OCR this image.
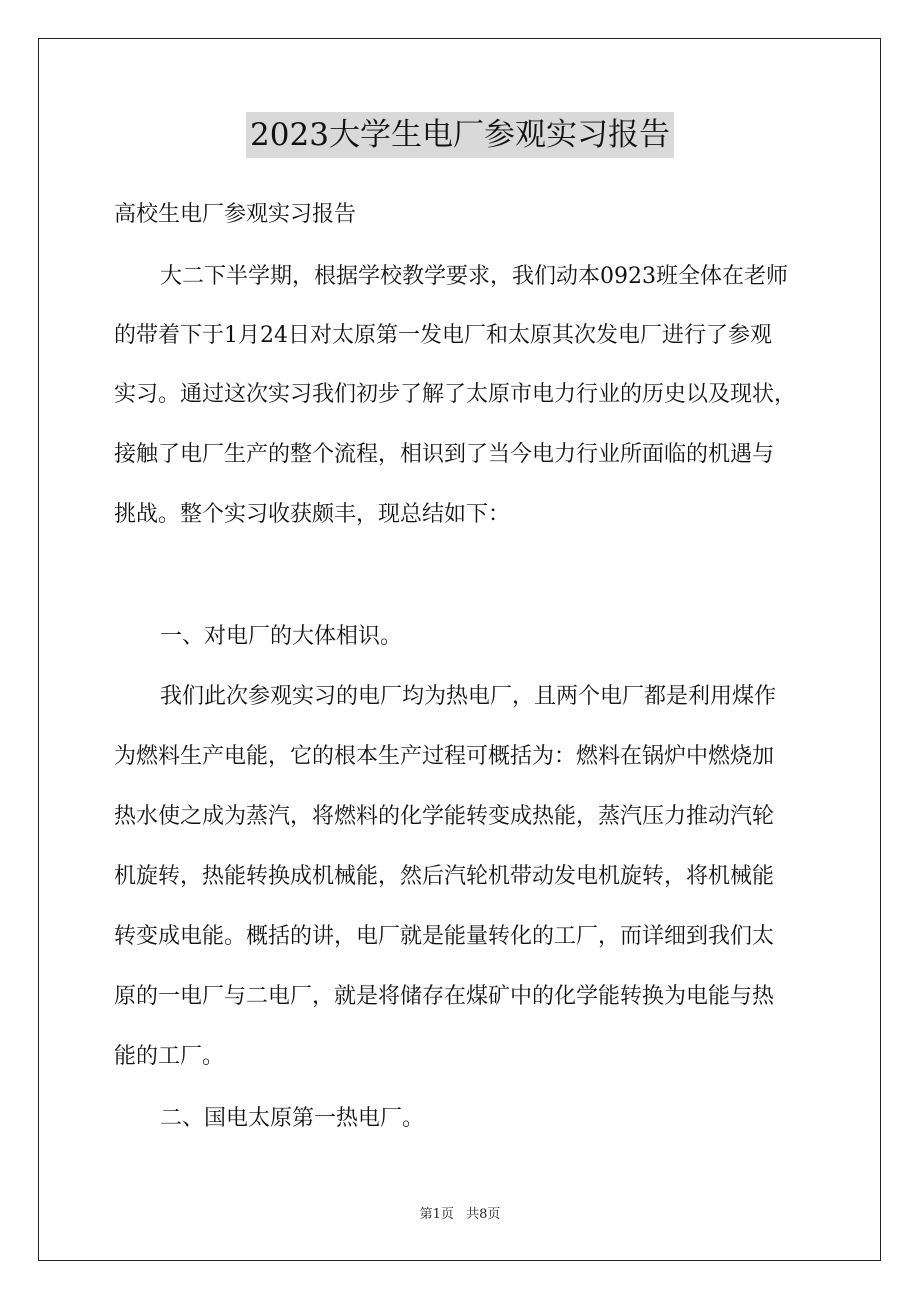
2023大学生电厂参观实习报告
高校生电厂参观实习报告
大二下半学期，根据学校教学要求，我们动本0923班全体在老师
的带着下于1月24日对太原第一发电厂和太原其次发电厂进行了参观
实习。通过这次实习我们初步了解了太原市电力行业的历史以及现状，
接触了电厂生产的整个流程，相识到了当今电力行业所面临的机遇与
挑战。整个实习收获颇丰，现总结如下：
一、对电厂的大体相识。
我们此次参观实习的电厂均为热电厂，且两个电厂都是利用煤作
为燃料生产电能，它的根本生产过程可概括为：燃料在锅炉中燃烧加
热水使之成为蒸汽，将燃料的化学能转变成热能，蒸汽压力推动汽轮
机旋转，热能转换成机械能，然后汽轮机带动发电机旋转，将机械能
转变成电能。概括的讲，电厂就是能量转化的工厂，而详细到我们太
原的一电厂与二电厂，就是将储存在煤矿中的化学能转换为电能与热
能的工厂。
二、国电太原第一热电厂。
第1页 共8页
